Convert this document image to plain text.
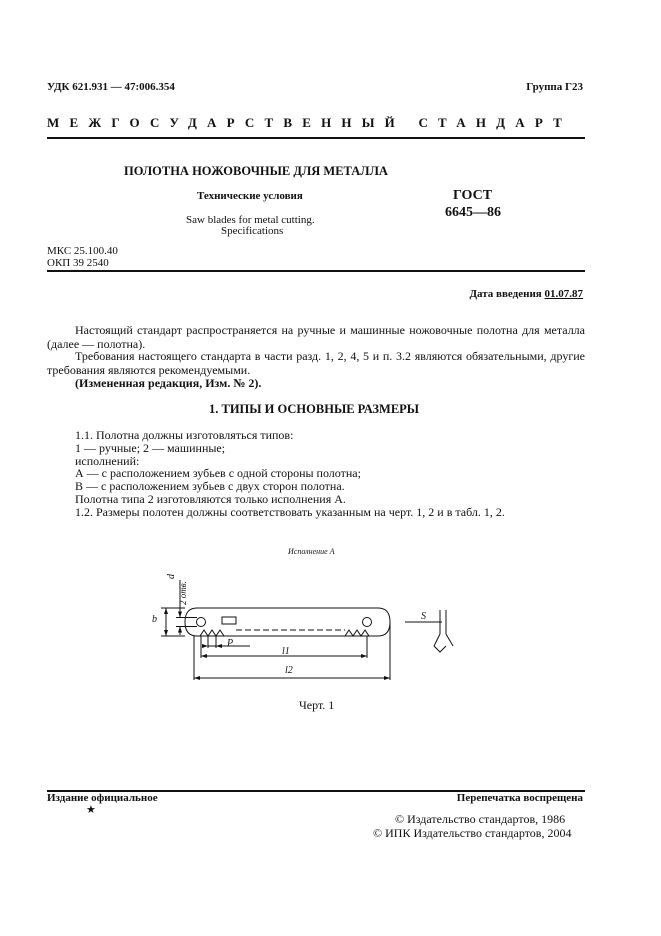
УДК 621.931 — 47:006.354	Группа Г23
МЕЖГОСУДАРСТВЕННЫЙ СТАНДАРТ
ПОЛОТНА НОЖОВОЧНЫЕ ДЛЯ МЕТАЛЛА
Технические условия
Saw blades for metal cutting.
Specifications
ГОСТ
6645—86
МКС 25.100.40
ОКП 39 2540
Дата введения 01.07.87
Настоящий стандарт распространяется на ручные и машинные ножовочные полотна для металла (далее — полотна).
Требования настоящего стандарта в части разд. 1, 2, 4, 5 и п. 3.2 являются обязательными, другие требования являются рекомендуемыми.
(Измененная редакция, Изм. № 2).
1. ТИПЫ И ОСНОВНЫЕ РАЗМЕРЫ
1.1. Полотна должны изготовляться типов:
1 — ручные; 2 — машинные;
исполнений:
А — с расположением зубьев с одной стороны полотна;
В — с расположением зубьев с двух сторон полотна.
Полотна типа 2 изготовляются только исполнения А.
1.2. Размеры полотен должны соответствовать указанным на черт. 1, 2 и в табл. 1, 2.
Исполнение А
d
2 отв.
b
P
l1
l2
S
Черт. 1
Издание официальное	Перепечатка воспрещена
★
© Издательство стандартов, 1986
© ИПК Издательство стандартов, 2004
